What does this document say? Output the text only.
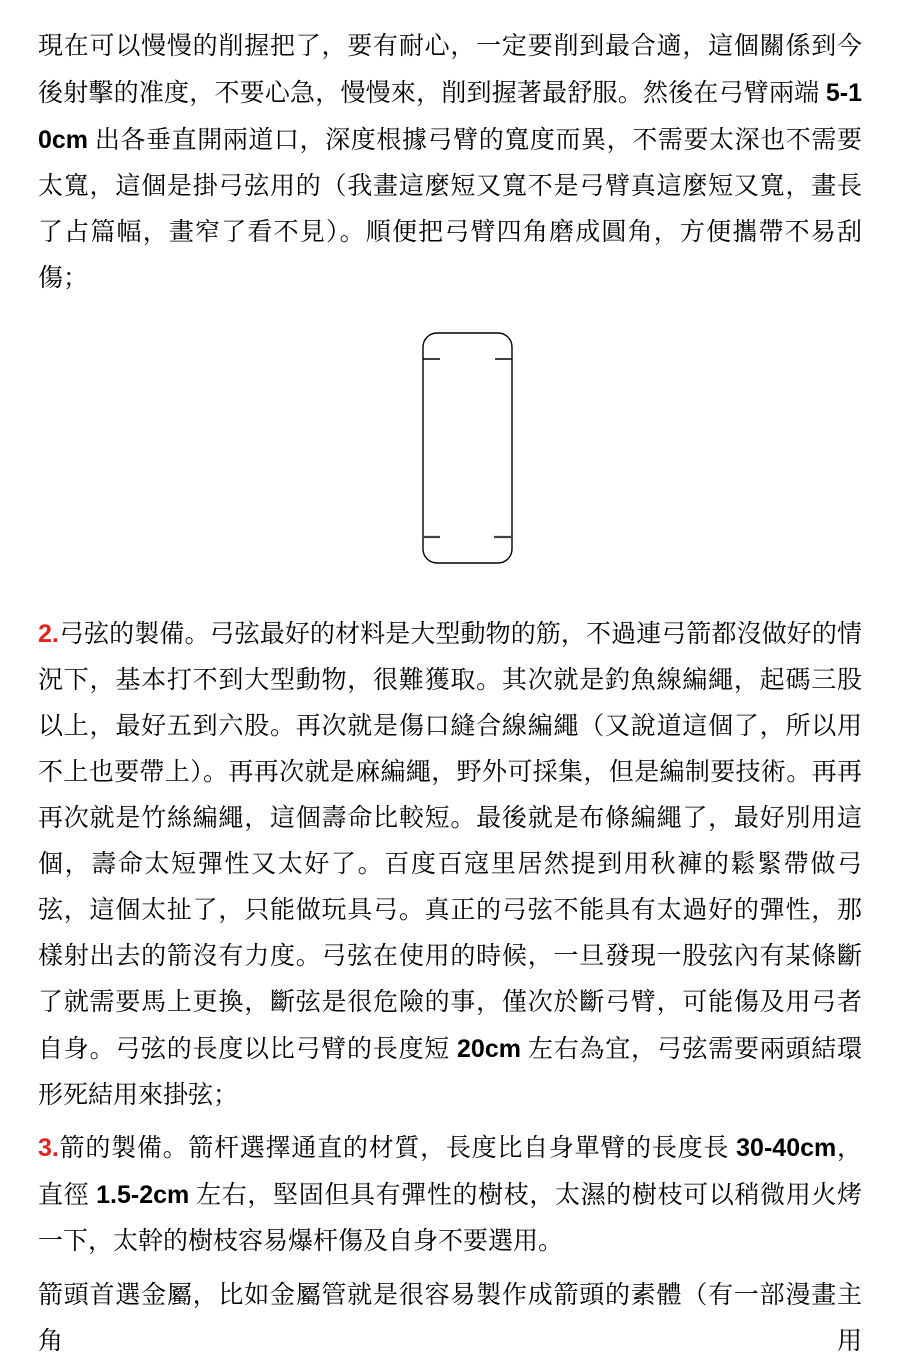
現在可以慢慢的削握把了，要有耐心，一定要削到最合適，這個關係到今後射擊的准度，不要心急，慢慢來，削到握著最舒服。然後在弓臂兩端 5-10cm 出各垂直開兩道口，深度根據弓臂的寬度而異，不需要太深也不需要太寬，這個是掛弓弦用的（我畫這麼短又寬不是弓臂真這麼短又寬，畫長了占篇幅，畫窄了看不見）。順便把弓臂四角磨成圓角，方便攜帶不易刮傷；

2.弓弦的製備。弓弦最好的材料是大型動物的筋，不過連弓箭都沒做好的情況下，基本打不到大型動物，很難獲取。其次就是釣魚線編繩，起碼三股以上，最好五到六股。再次就是傷口縫合線編繩（又說道這個了，所以用不上也要帶上）。再再次就是麻編繩，野外可採集，但是編制要技術。再再再次就是竹絲編繩，這個壽命比較短。最後就是布條編繩了，最好別用這個，壽命太短彈性又太好了。百度百寇里居然提到用秋褲的鬆緊帶做弓弦，這個太扯了，只能做玩具弓。真正的弓弦不能具有太過好的彈性，那樣射出去的箭沒有力度。弓弦在使用的時候，一旦發現一股弦內有某條斷了就需要馬上更換，斷弦是很危險的事，僅次於斷弓臂，可能傷及用弓者自身。弓弦的長度以比弓臂的長度短 20cm 左右為宜，弓弦需要兩頭結環形死結用來掛弦；

3.箭的製備。箭杆選擇通直的材質，長度比自身單臂的長度長 30-40cm，直徑 1.5-2cm 左右，堅固但具有彈性的樹枝，太濕的樹枝可以稍微用火烤一下，太幹的樹枝容易爆杆傷及自身不要選用。

箭頭首選金屬，比如金屬管就是很容易製作成箭頭的素體（有一部漫畫主角用
